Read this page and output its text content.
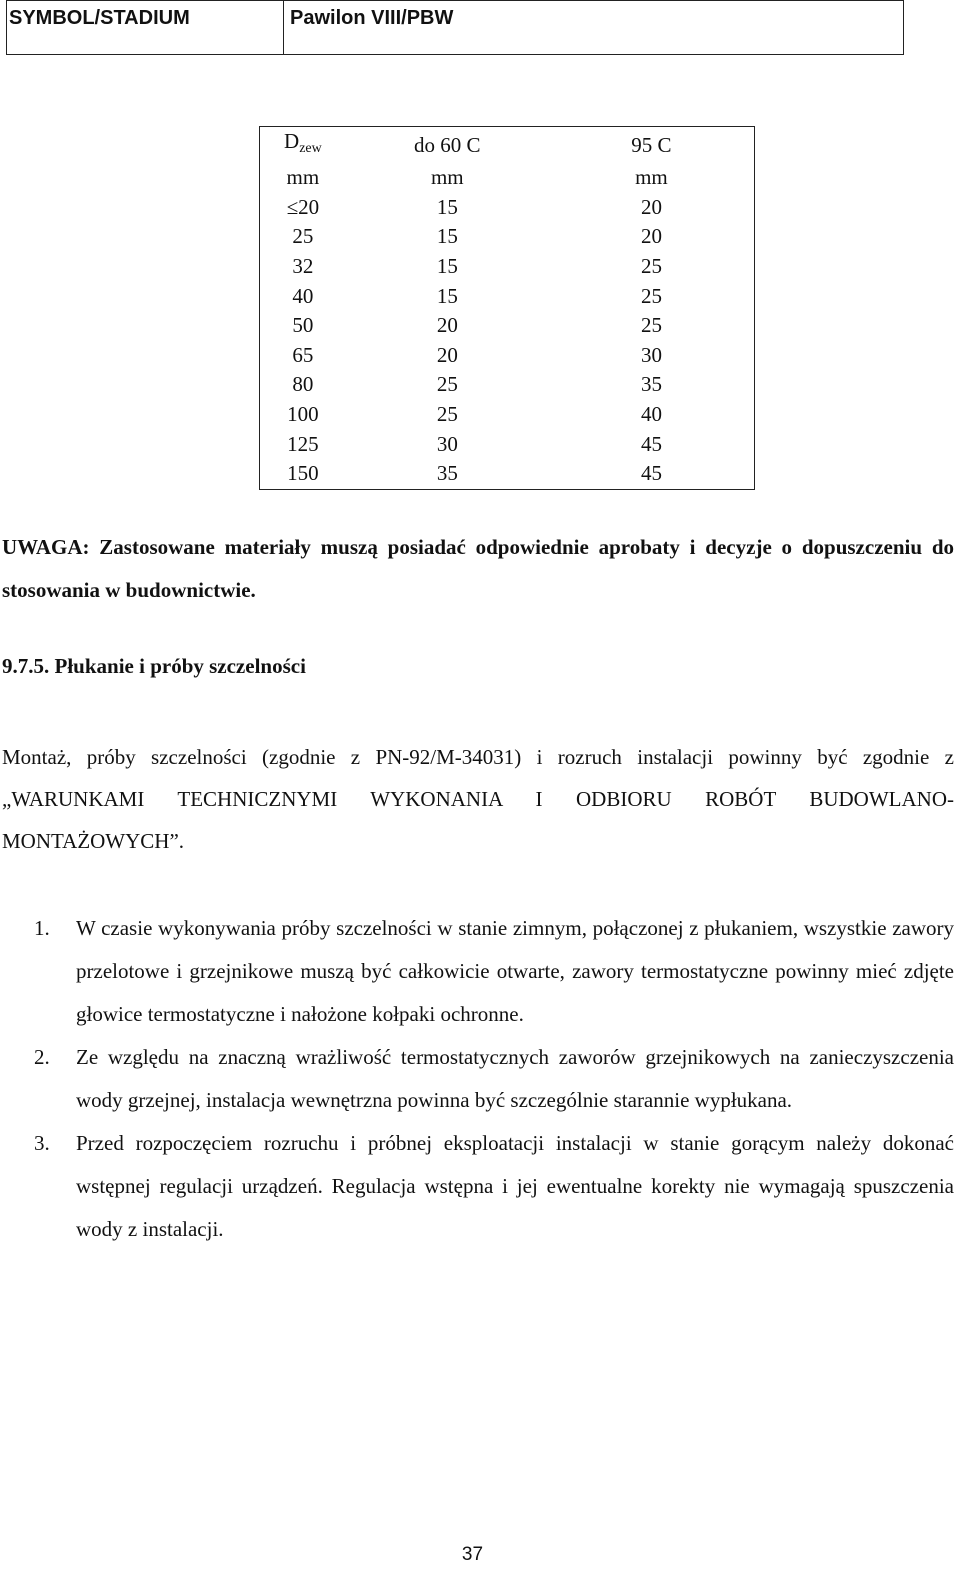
SYMBOL/STADIUM	Pawilon VIII/PBW
$D_{zew}$	do 60 C	95 C
mm	mm	mm
≤20	15	20
25	15	20
32	15	25
40	15	25
50	20	25
65	20	30
80	25	35
100	25	40
125	30	45
150	35	45
UWAGA: Zastosowane materiały muszą posiadać odpowiednie aprobaty i decyzje o dopuszczeniu do stosowania w budownictwie.
9.7.5. Płukanie i próby szczelności
Montaż, próby szczelności (zgodnie z PN-92/M-34031) i rozruch instalacji powinny być zgodnie z „WARUNKAMI TECHNICZNYMI WYKONANIA I ODBIORU ROBÓT BUDOWLANO-MONTAŻOWYCH”.
1.	W czasie wykonywania próby szczelności w stanie zimnym, połączonej z płukaniem, wszystkie zawory przelotowe i grzejnikowe muszą być całkowicie otwarte, zawory termostatyczne powinny mieć zdjęte głowice termostatyczne i nałożone kołpaki ochronne.
2.	Ze względu na znaczną wrażliwość termostatycznych zaworów grzejnikowych na zanieczyszczenia wody grzejnej, instalacja wewnętrzna powinna być szczególnie starannie wypłukana.
3.	Przed rozpoczęciem rozruchu i próbnej eksploatacji instalacji w stanie gorącym należy dokonać wstępnej regulacji urządzeń. Regulacja wstępna i jej ewentualne korekty nie wymagają spuszczenia wody z instalacji.
37
